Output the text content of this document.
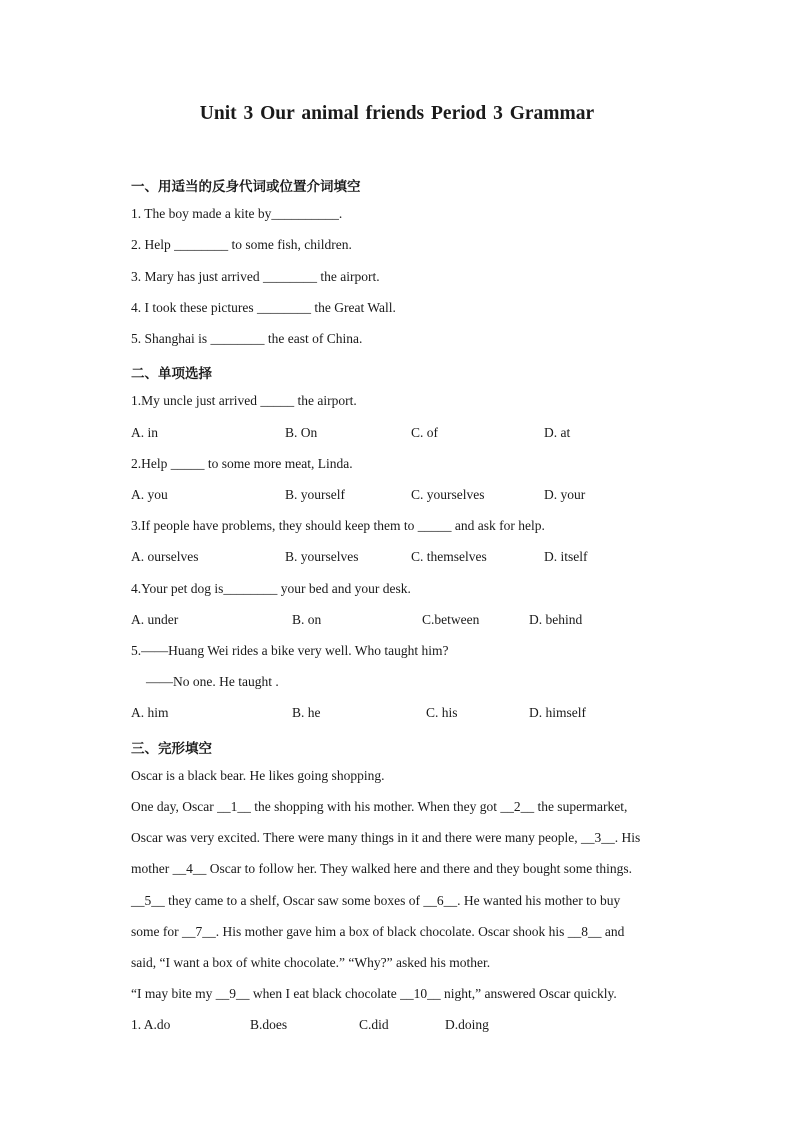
Unit 3 Our animal friends Period 3 Grammar
一、用适当的反身代词或位置介词填空
1. The boy made a kite by__________.
2. Help ________ to some fish, children.
3. Mary has just arrived ________ the airport.
4. I took these pictures ________ the Great Wall.
5. Shanghai is ________ the east of China.
二、单项选择
1.My uncle just arrived _____ the airport.
A. in	B. On	C. of	D. at
2.Help _____ to some more meat, Linda.
A. you	B. yourself	C. yourselves	D. your
3.If people have problems, they should keep them to _____ and ask for help.
A. ourselves	B. yourselves	C. themselves	D. itself
4.Your pet dog is________ your bed and your desk.
A. under	B. on	C.between	D. behind
5.——Huang Wei rides a bike very well. Who taught him?
——No one. He taught .
A. him	B. he	C. his	D. himself
三、完形填空
Oscar is a black bear. He likes going shopping.
One day, Oscar __1__ the shopping with his mother. When they got __2__ the supermarket,
Oscar was very excited. There were many things in it and there were many people, __3__. His
mother __4__ Oscar to follow her. They walked here and there and they bought some things.
__5__ they came to a shelf, Oscar saw some boxes of __6__. He wanted his mother to buy
some for __7__. His mother gave him a box of black chocolate. Oscar shook his __8__ and
said, “I want a box of white chocolate.” “Why?” asked his mother.
“I may bite my __9__ when I eat black chocolate __10__ night,” answered Oscar quickly.
1. A.do	B.does	C.did	D.doing
